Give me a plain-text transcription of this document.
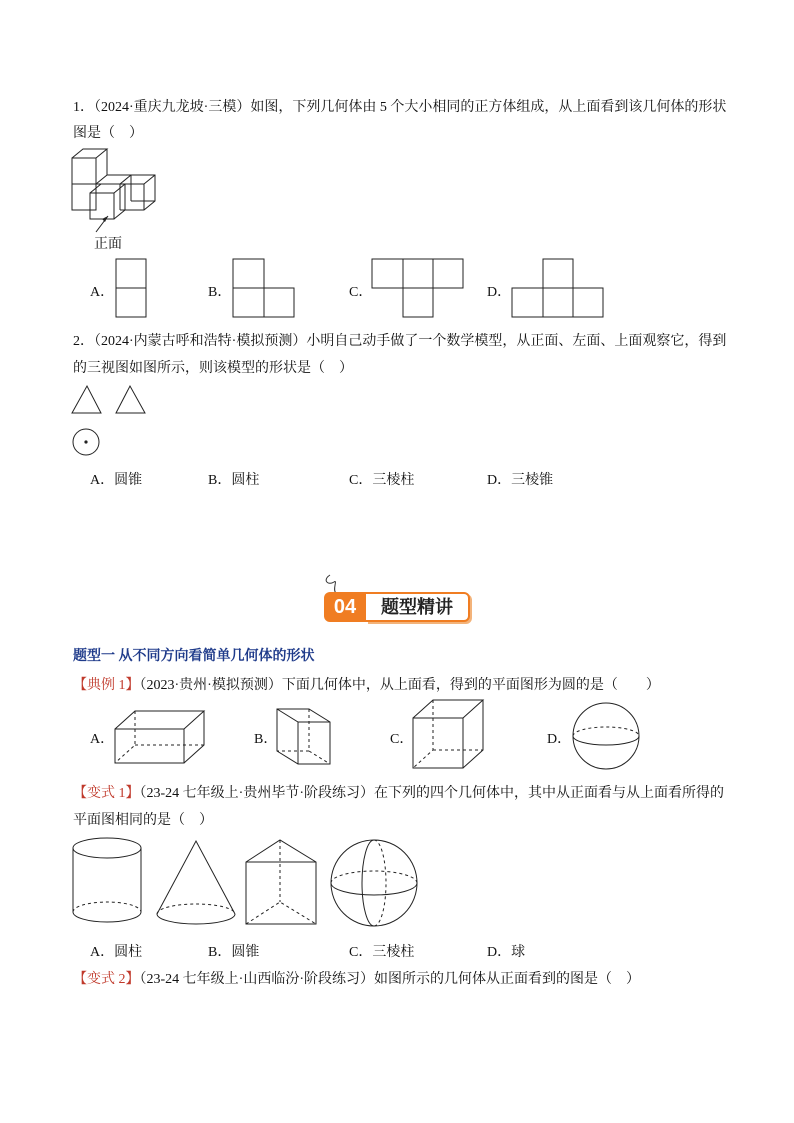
1．（2024·重庆九龙坡·三模）如图，下列几何体由 5 个大小相同的正方体组成，从上面看到该几何体的形状
图是（　）
正面
A．	B．	C．	D．
2．（2024·内蒙古呼和浩特·模拟预测）小明自己动手做了一个数学模型，从正面、左面、上面观察它，得到
的三视图如图所示，则该模型的形状是（　）
A．圆锥	B．圆柱	C．三棱柱	D．三棱锥
04	题型精讲
题型一 从不同方向看简单几何体的形状
【典例 1】（2023·贵州·模拟预测）下面几何体中，从上面看，得到的平面图形为圆的是（　　）
A．	B．	C．	D．
【变式 1】（23-24 七年级上·贵州毕节·阶段练习）在下列的四个几何体中，其中从正面看与从上面看所得的
平面图相同的是（　）
A．圆柱	B．圆锥	C．三棱柱	D．球
【变式 2】（23-24 七年级上·山西临汾·阶段练习）如图所示的几何体从正面看到的图是（　）
